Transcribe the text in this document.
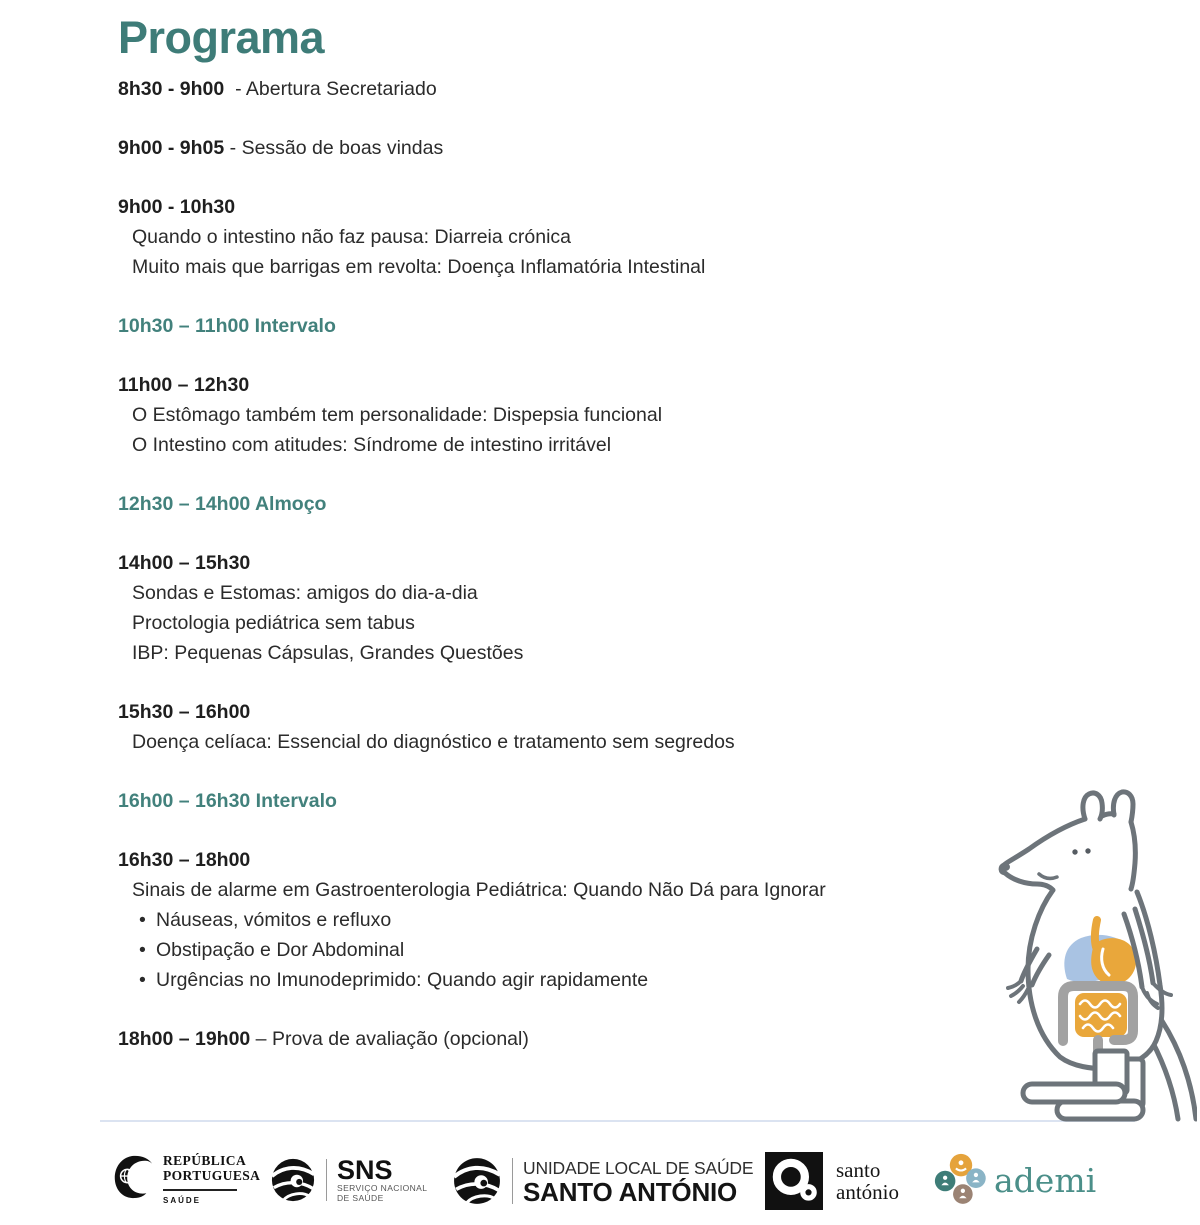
Programa
8h30 - 9h00  - Abertura Secretariado
9h00 - 9h05 - Sessão de boas vindas
9h00 - 10h30
Quando o intestino não faz pausa: Diarreia crónica
Muito mais que barrigas em revolta: Doença Inflamatória Intestinal
10h30 – 11h00 Intervalo
11h00 – 12h30
O Estômago também tem personalidade: Dispepsia funcional
O Intestino com atitudes: Síndrome de intestino irritável
12h30 – 14h00 Almoço
14h00 – 15h30
Sondas e Estomas: amigos do dia-a-dia
Proctologia pediátrica sem tabus
IBP: Pequenas Cápsulas, Grandes Questões
15h30 – 16h00
Doença celíaca: Essencial do diagnóstico e tratamento sem segredos
16h00 – 16h30 Intervalo
16h30 – 18h00
Sinais de alarme em Gastroenterologia Pediátrica: Quando Não Dá para Ignorar
• Náuseas, vómitos e refluxo
• Obstipação e Dor Abdominal
• Urgências no Imunodeprimido: Quando agir rapidamente
18h00 – 19h00 – Prova de avaliação (opcional)
REPÚBLICA
PORTUGUESA
SAÚDE
SNS
SERVIÇO NACIONAL
DE SAÚDE
UNIDADE LOCAL DE SAÚDE
SANTO ANTÓNIO
santo
antónio	ademi
